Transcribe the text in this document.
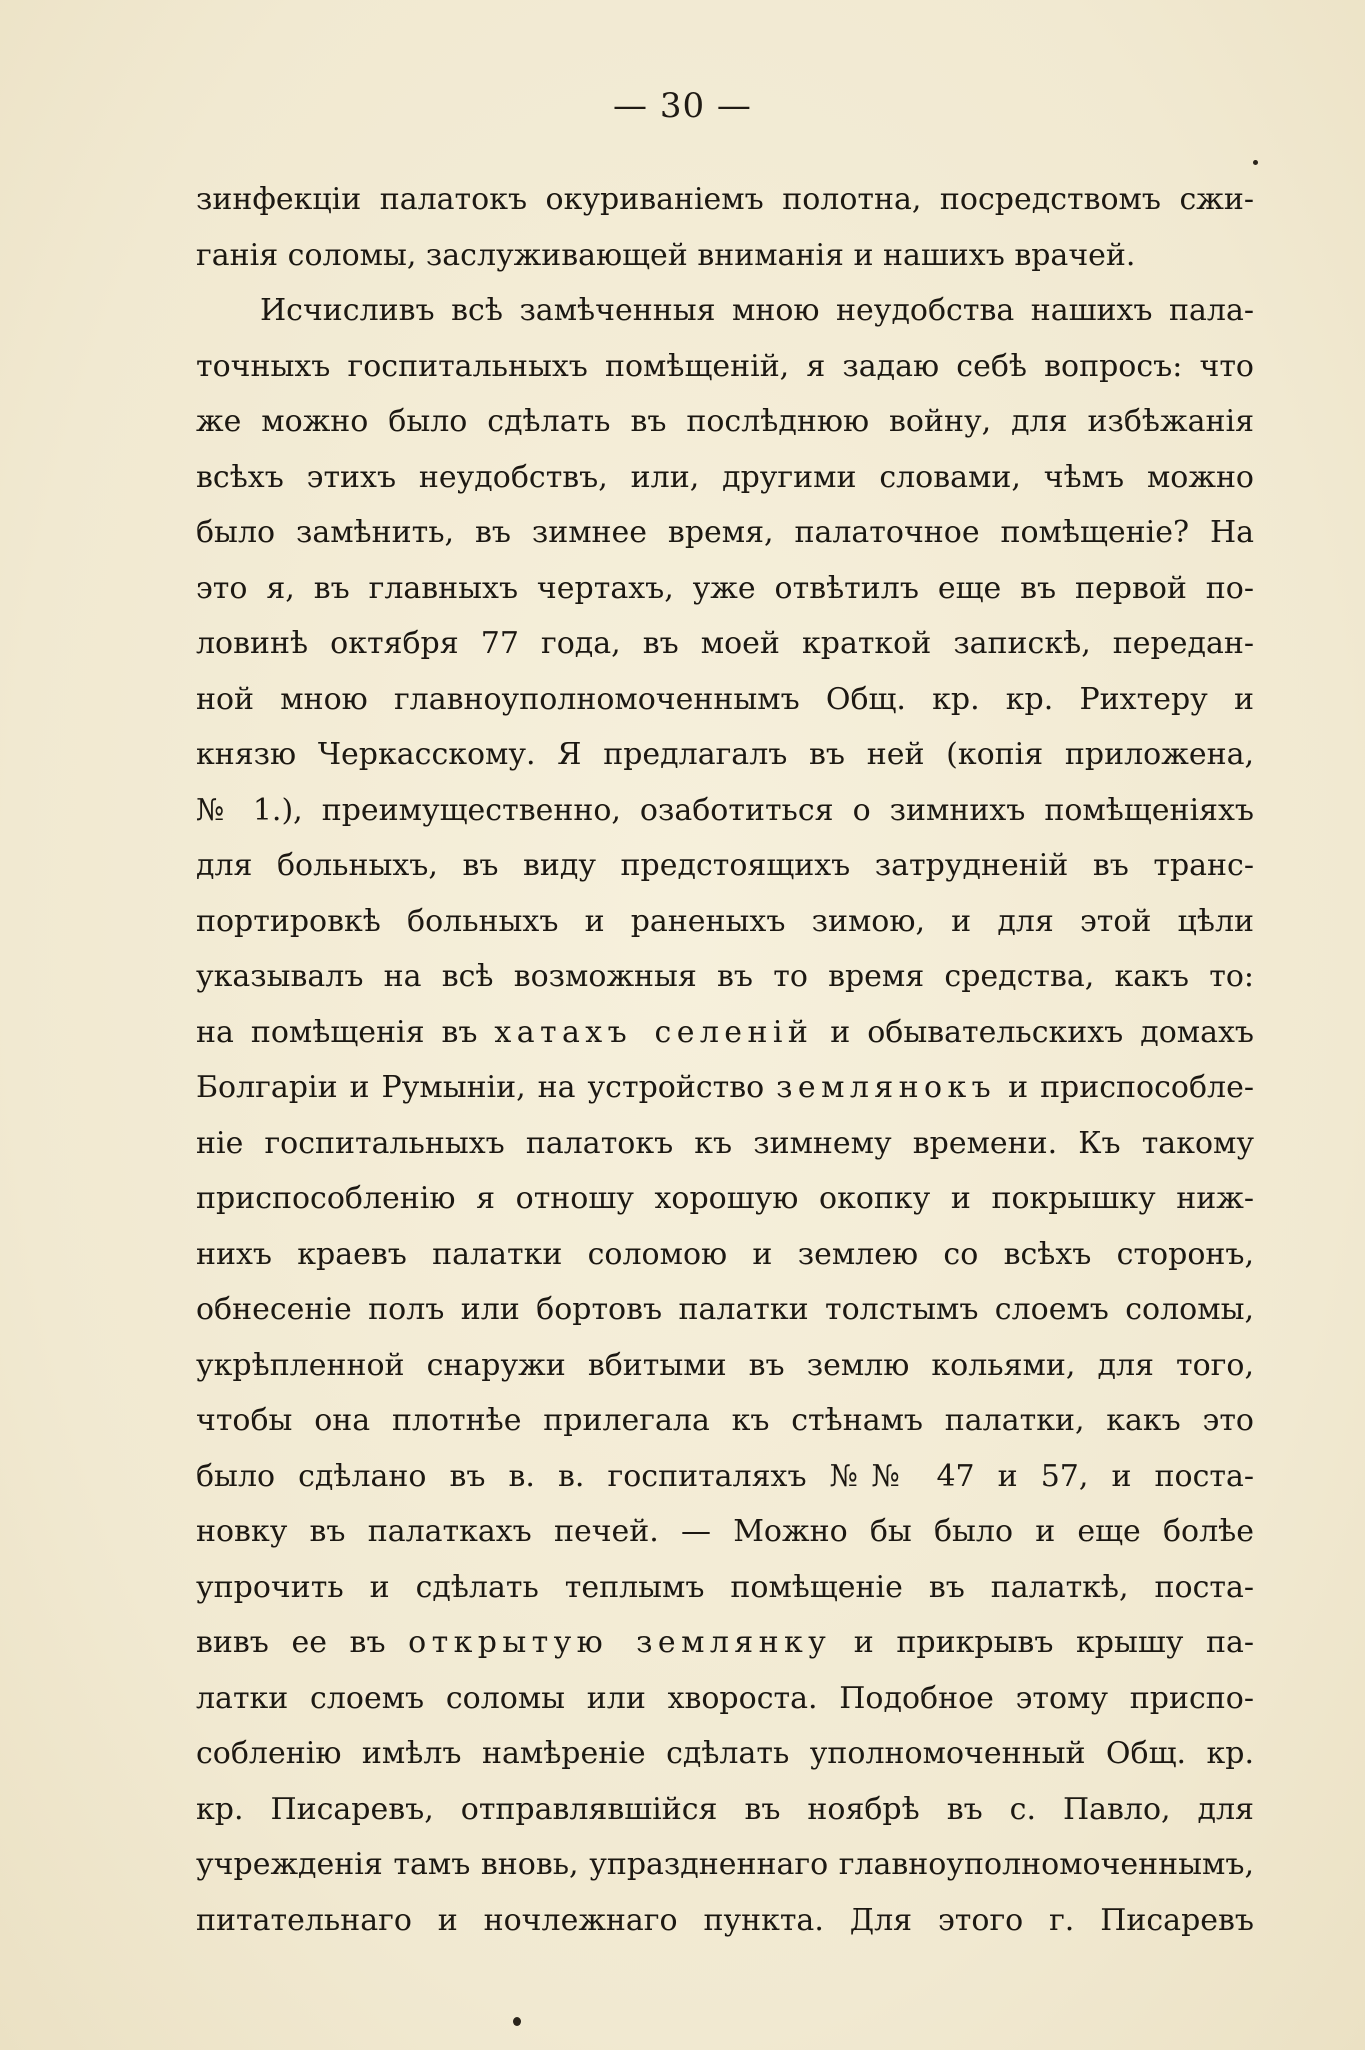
— 30 —
зинфекціи палатокъ окуриваніемъ полотна, посредствомъ сжи-
ганія соломы, заслуживающей вниманія и нашихъ врачей.
Исчисливъ всѣ замѣченныя мною неудобства нашихъ пала-
точныхъ госпитальныхъ помѣщеній, я задаю себѣ вопросъ: что
же можно было сдѣлать въ послѣднюю войну, для избѣжанія
всѣхъ этихъ неудобствъ, или, другими словами, чѣмъ можно
было замѣнить, въ зимнее время, палаточное помѣщеніе? На
это я, въ главныхъ чертахъ, уже отвѣтилъ еще въ первой по-
ловинѣ октября 77 года, въ моей краткой запискѣ, передан-
ной мною главноуполномоченнымъ Общ. кр. кр. Рихтеру и
князю Черкасскому. Я предлагалъ въ ней (копія приложена,
№ 1.), преимущественно, озаботиться о зимнихъ помѣщеніяхъ
для больныхъ, въ виду предстоящихъ затрудненій въ транс-
портировкѣ больныхъ и раненыхъ зимою, и для этой цѣли
указывалъ на всѣ возможныя въ то время средства, какъ то:
на помѣщенія въ хатахъ селеній и обывательскихъ домахъ
Болгаріи и Румыніи, на устройство землянокъ и приспособле-
ніе госпитальныхъ палатокъ къ зимнему времени. Къ такому
приспособленію я отношу хорошую окопку и покрышку ниж-
нихъ краевъ палатки соломою и землею со всѣхъ сторонъ,
обнесеніе полъ или бортовъ палатки толстымъ слоемъ соломы,
укрѣпленной снаружи вбитыми въ землю кольями, для того,
чтобы она плотнѣе прилегала къ стѣнамъ палатки, какъ это
было сдѣлано въ в. в. госпиталяхъ №№ 47 и 57, и поста-
новку въ палаткахъ печей. — Можно бы было и еще болѣе
упрочить и сдѣлать теплымъ помѣщеніе въ палаткѣ, поста-
вивъ ее въ открытую землянку и прикрывъ крышу па-
латки слоемъ соломы или хвороста. Подобное этому приспо-
собленію имѣлъ намѣреніе сдѣлать уполномоченный Общ. кр.
кр. Писаревъ, отправлявшійся въ ноябрѣ въ с. Павло, для
учрежденія тамъ вновь, упраздненнаго главноуполномоченнымъ,
питательнаго и ночлежнаго пункта. Для этого г. Писаревъ
